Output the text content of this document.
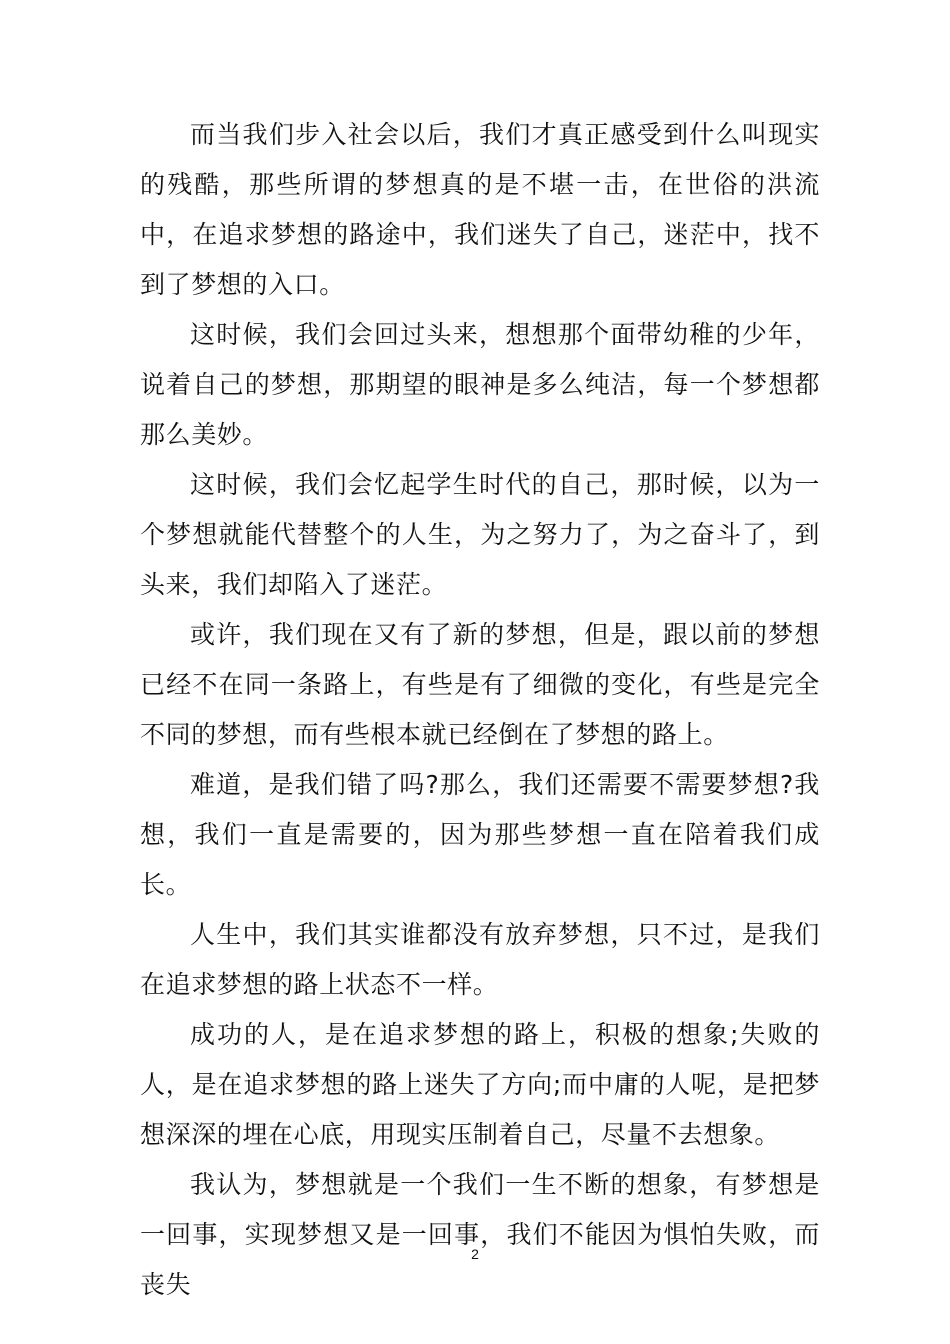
而当我们步入社会以后，我们才真正感受到什么叫现实的残酷，那些所谓的梦想真的是不堪一击，在世俗的洪流中，在追求梦想的路途中，我们迷失了自己，迷茫中，找不到了梦想的入口。

这时候，我们会回过头来，想想那个面带幼稚的少年，说着自己的梦想，那期望的眼神是多么纯洁，每一个梦想都那么美妙。

这时候，我们会忆起学生时代的自己，那时候，以为一个梦想就能代替整个的人生，为之努力了，为之奋斗了，到头来，我们却陷入了迷茫。

或许，我们现在又有了新的梦想，但是，跟以前的梦想已经不在同一条路上，有些是有了细微的变化，有些是完全不同的梦想，而有些根本就已经倒在了梦想的路上。

难道，是我们错了吗?那么，我们还需要不需要梦想?我想，我们一直是需要的，因为那些梦想一直在陪着我们成长。

人生中，我们其实谁都没有放弃梦想，只不过，是我们在追求梦想的路上状态不一样。

成功的人，是在追求梦想的路上，积极的想象;失败的人，是在追求梦想的路上迷失了方向;而中庸的人呢，是把梦想深深的埋在心底，用现实压制着自己，尽量不去想象。

我认为，梦想就是一个我们一生不断的想象，有梦想是一回事，实现梦想又是一回事，我们不能因为惧怕失败，而丧失

2
